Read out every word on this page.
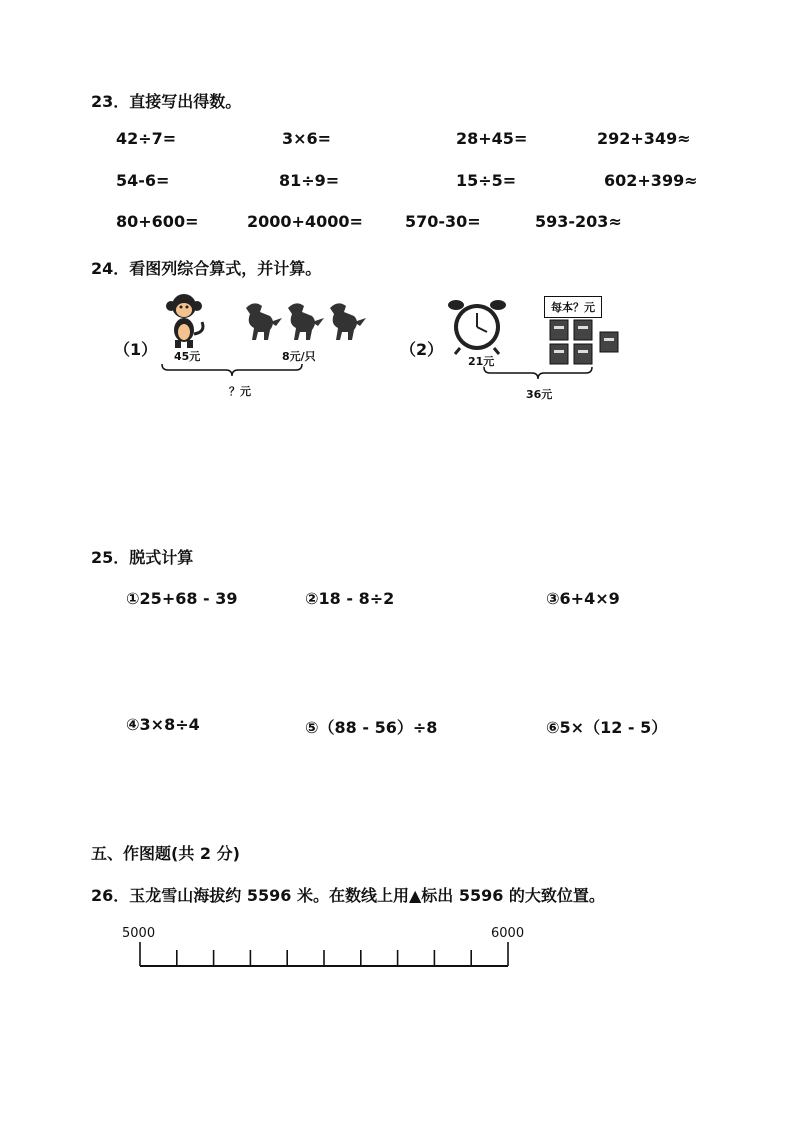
23．直接写出得数。
42÷7=	3×6=	28+45=	292+349≈
54-6=	81÷9=	15÷5=	602+399≈
80+600=	2000+4000=	570-30=	593-203≈
24．看图列综合算式，并计算。
（1） 45元	8元/只
？元
（2）
21元
每本？元
36元
25．脱式计算
①25+68 - 39	②18 - 8÷2	③6+4×9
④3×8÷4	⑤（88 - 56）÷8	⑥5×（12 - 5）
五、作图题(共 2 分)
26．玉龙雪山海拔约 5596 米。在数线上用▲标出 5596 的大致位置。
5000	6000
